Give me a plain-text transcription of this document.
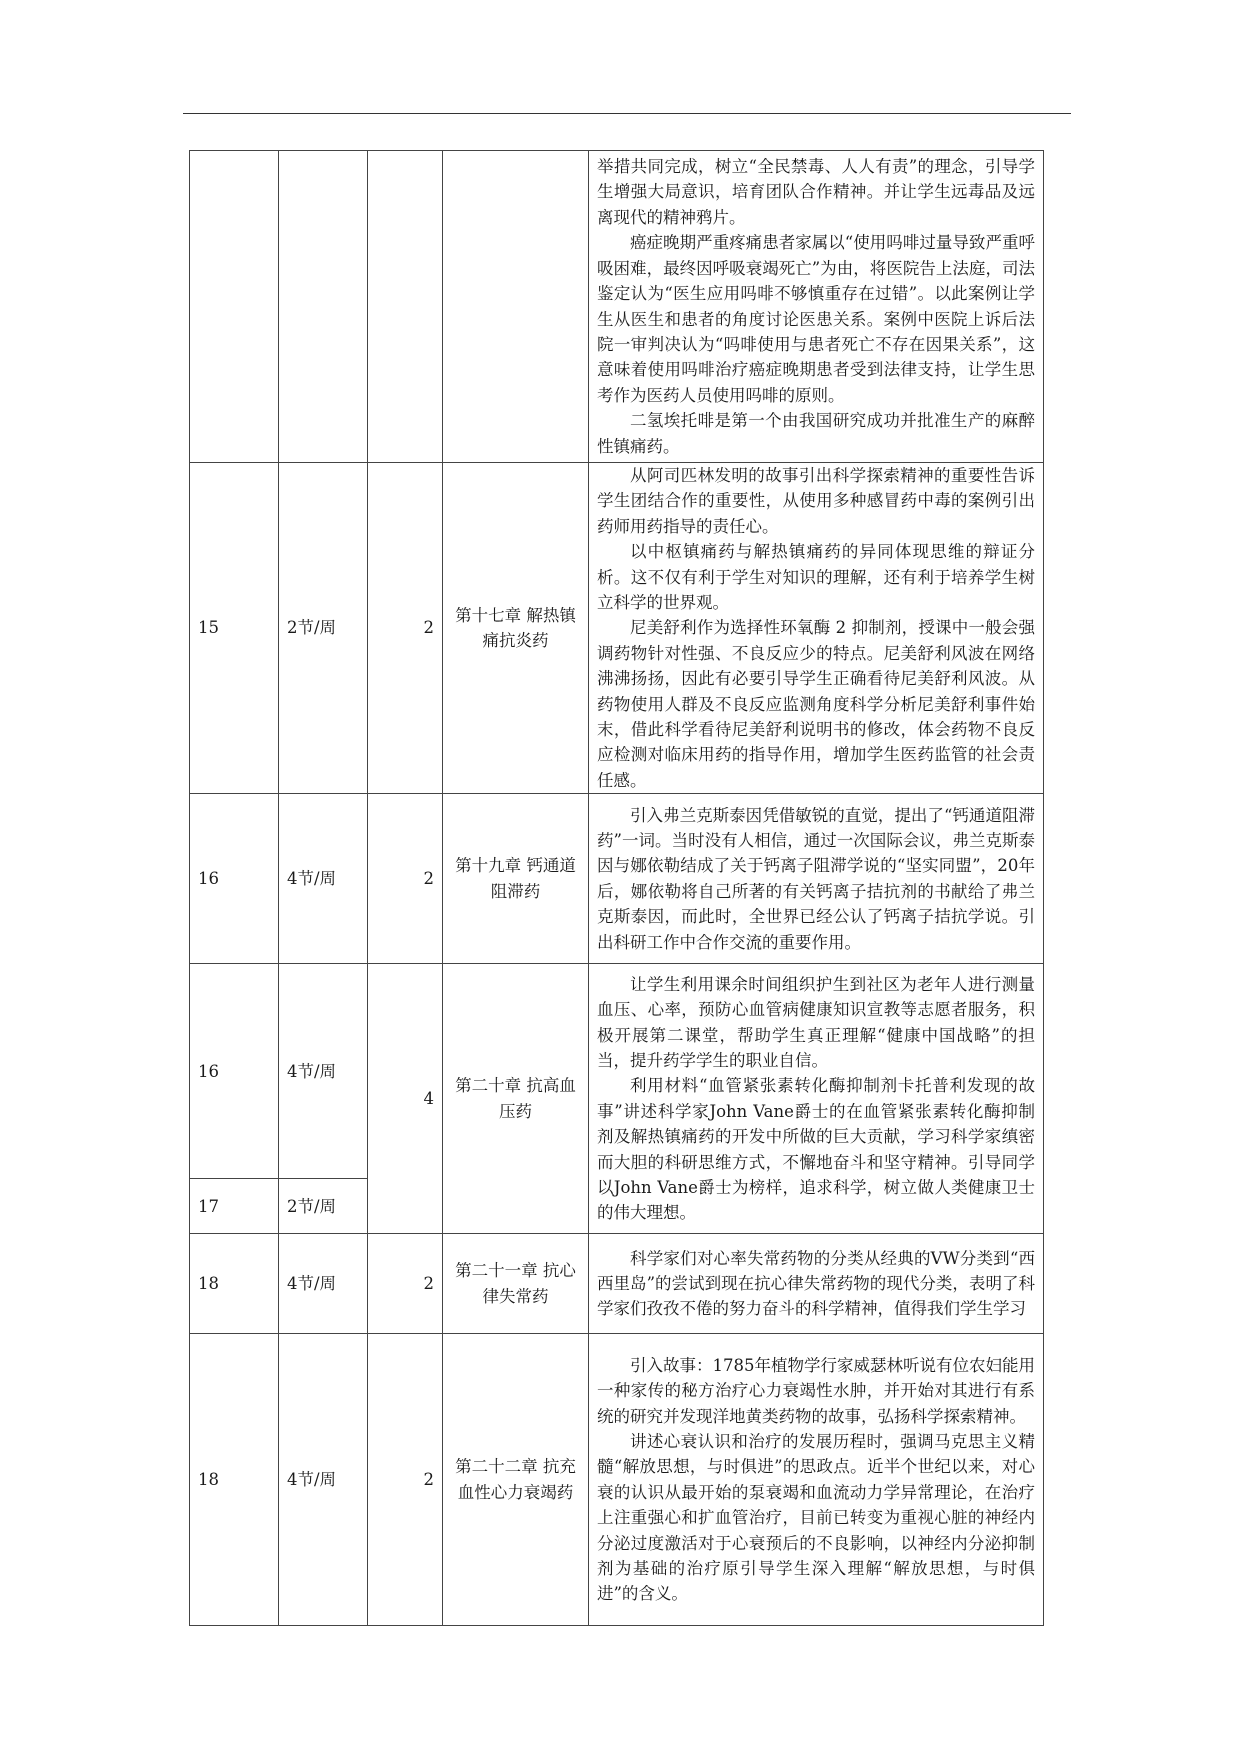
				举措共同完成，树立“全民禁毒、人人有责”的理念，引导学生增强大局意识，培育团队合作精神。并让学生远毒品及远离现代的精神鸦片。

癌症晚期严重疼痛患者家属以“使用吗啡过量导致严重呼吸困难，最终因呼吸衰竭死亡”为由，将医院告上法庭，司法鉴定认为“医生应用吗啡不够慎重存在过错”。以此案例让学生从医生和患者的角度讨论医患关系。案例中医院上诉后法院一审判决认为“吗啡使用与患者死亡不存在因果关系”，这意味着使用吗啡治疗癌症晚期患者受到法律支持，让学生思考作为医药人员使用吗啡的原则。

二氢埃托啡是第一个由我国研究成功并批准生产的麻醉性镇痛药。

15	2节/周	2	第十七章 解热镇痛抗炎药	从阿司匹林发明的故事引出科学探索精神的重要性告诉学生团结合作的重要性，从使用多种感冒药中毒的案例引出药师用药指导的责任心。

以中枢镇痛药与解热镇痛药的异同体现思维的辩证分析。这不仅有利于学生对知识的理解，还有利于培养学生树立科学的世界观。

尼美舒利作为选择性环氧酶 2 抑制剂，授课中一般会强调药物针对性强、不良反应少的特点。尼美舒利风波在网络沸沸扬扬，因此有必要引导学生正确看待尼美舒利风波。从药物使用人群及不良反应监测角度科学分析尼美舒利事件始末，借此科学看待尼美舒利说明书的修改，体会药物不良反应检测对临床用药的指导作用，增加学生医药监管的社会责任感。

16	4节/周	2	第十九章 钙通道阻滞药	引入弗兰克斯泰因凭借敏锐的直觉，提出了“钙通道阻滞药”一词。当时没有人相信，通过一次国际会议，弗兰克斯泰因与娜依勒结成了关于钙离子阻滞学说的“坚实同盟”，20年后，娜依勒将自己所著的有关钙离子拮抗剂的书献给了弗兰克斯泰因，而此时，全世界已经公认了钙离子拮抗学说。引出科研工作中合作交流的重要作用。

16	4节/周	4	第二十章 抗高血压药	让学生利用课余时间组织护生到社区为老年人进行测量血压、心率，预防心血管病健康知识宣教等志愿者服务，积极开展第二课堂，帮助学生真正理解“健康中国战略”的担当，提升药学学生的职业自信。

利用材料“血管紧张素转化酶抑制剂卡托普利发现的故事”讲述科学家John Vane爵士的在血管紧张素转化酶抑制剂及解热镇痛药的开发中所做的巨大贡献，学习科学家缜密而大胆的科研思维方式，不懈地奋斗和坚守精神。引导同学以John Vane爵士为榜样，追求科学，树立做人类健康卫士的伟大理想。

17	2节/周			
18	4节/周	2	第二十一章 抗心律失常药	科学家们对心率失常药物的分类从经典的VW分类到“西西里岛”的尝试到现在抗心律失常药物的现代分类，表明了科学家们孜孜不倦的努力奋斗的科学精神，值得我们学生学习

18	4节/周	2	第二十二章 抗充血性心力衰竭药	引入故事：1785年植物学行家威瑟林听说有位农妇能用一种家传的秘方治疗心力衰竭性水肿，并开始对其进行有系统的研究并发现洋地黄类药物的故事，弘扬科学探索精神。

讲述心衰认识和治疗的发展历程时，强调马克思主义精髓“解放思想，与时俱进”的思政点。近半个世纪以来，对心衰的认识从最开始的泵衰竭和血流动力学异常理论，在治疗上注重强心和扩血管治疗，目前已转变为重视心脏的神经内分泌过度激活对于心衰预后的不良影响，以神经内分泌抑制剂为基础的治疗原引导学生深入理解“解放思想，与时俱进”的含义。
